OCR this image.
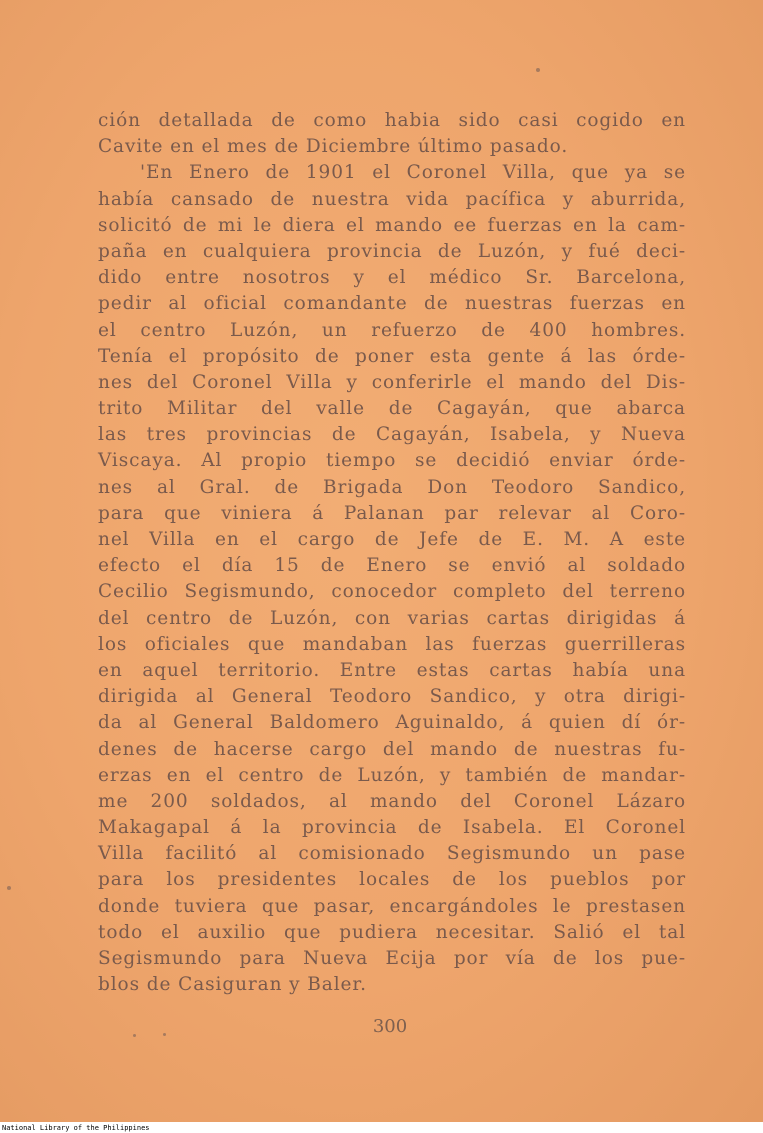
ción detallada de como habia sido casi cogido en
Cavite en el mes de Diciembre último pasado.
'En Enero de 1901 el Coronel Villa, que ya se
había cansado de nuestra vida pacífica y aburrida,
solicitó de mi le diera el mando ee fuerzas en la cam-
paña en cualquiera provincia de Luzón, y fué deci-
dido entre nosotros y el médico Sr. Barcelona,
pedir al oficial comandante de nuestras fuerzas en
el centro Luzón, un refuerzo de 400 hombres.
Tenía el propósito de poner esta gente á las órde-
nes del Coronel Villa y conferirle el mando del Dis-
trito Militar del valle de Cagayán, que abarca
las tres provincias de Cagayán, Isabela, y Nueva
Viscaya. Al propio tiempo se decidió enviar órde-
nes al Gral. de Brigada Don Teodoro Sandico,
para que viniera á Palanan par relevar al Coro-
nel Villa en el cargo de Jefe de E. M. A este
efecto el día 15 de Enero se envió al soldado
Cecilio Segismundo, conocedor completo del terreno
del centro de Luzón, con varias cartas dirigidas á
los oficiales que mandaban las fuerzas guerrilleras
en aquel territorio. Entre estas cartas había una
dirigida al General Teodoro Sandico, y otra dirigi-
da al General Baldomero Aguinaldo, á quien dí ór-
denes de hacerse cargo del mando de nuestras fu-
erzas en el centro de Luzón, y también de mandar-
me 200 soldados, al mando del Coronel Lázaro
Makagapal á la provincia de Isabela. El Coronel
Villa facilitó al comisionado Segismundo un pase
para los presidentes locales de los pueblos por
donde tuviera que pasar, encargándoles le prestasen
todo el auxilio que pudiera necesitar. Salió el tal
Segismundo para Nueva Ecija por vía de los pue-
blos de Casiguran y Baler.
300
National Library of the Philippines
